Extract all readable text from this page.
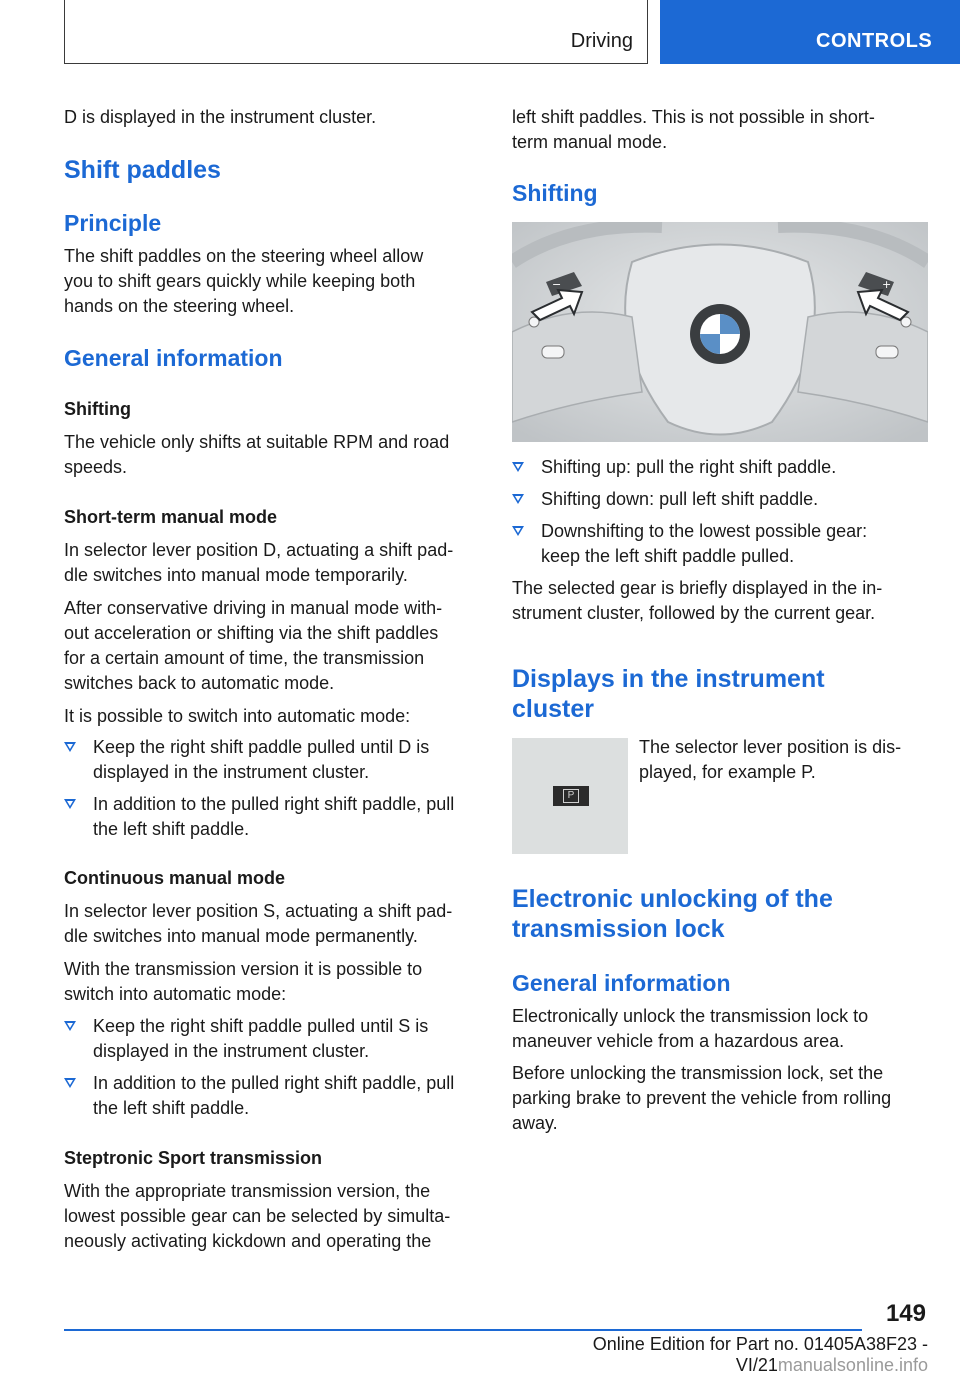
Driving	CONTROLS

D is displayed in the instrument cluster.

Shift paddles
Principle

The shift paddles on the steering wheel allow

you to shift gears quickly while keeping both

hands on the steering wheel.

General information
Shifting

The vehicle only shifts at suitable RPM and road

speeds.

Short-term manual mode

In selector lever position D, actuating a shift pad-

dle switches into manual mode temporarily.

After conservative driving in manual mode with-

out acceleration or shifting via the shift paddles

for a certain amount of time, the transmission

switches back to automatic mode.

It is possible to switch into automatic mode:

Keep the right shift paddle pulled until D is

displayed in the instrument cluster.

In addition to the pulled right shift paddle, pull

the left shift paddle.

Continuous manual mode

In selector lever position S, actuating a shift pad-

dle switches into manual mode permanently.

With the transmission version it is possible to

switch into automatic mode:

Keep the right shift paddle pulled until S is

displayed in the instrument cluster.

In addition to the pulled right shift paddle, pull

the left shift paddle.

Steptronic Sport transmission

With the appropriate transmission version, the

lowest possible gear can be selected by simulta-

neously activating kickdown and operating the

left shift paddles. This is not possible in short-

term manual mode.

Shifting
−	+

Shifting up: pull the right shift paddle.

Shifting down: pull left shift paddle.

Downshifting to the lowest possible gear:

keep the left shift paddle pulled.

The selected gear is briefly displayed in the in-

strument cluster, followed by the current gear.

Displays in the instrument
cluster
P

The selector lever position is dis-

played, for example P.

Electronic unlocking of the
transmission lock
General information

Electronically unlock the transmission lock to

maneuver vehicle from a hazardous area.

Before unlocking the transmission lock, set the

parking brake to prevent the vehicle from rolling

away.

149
Online Edition for Part no. 01405A38F23 - VI/21manualsonline.info
